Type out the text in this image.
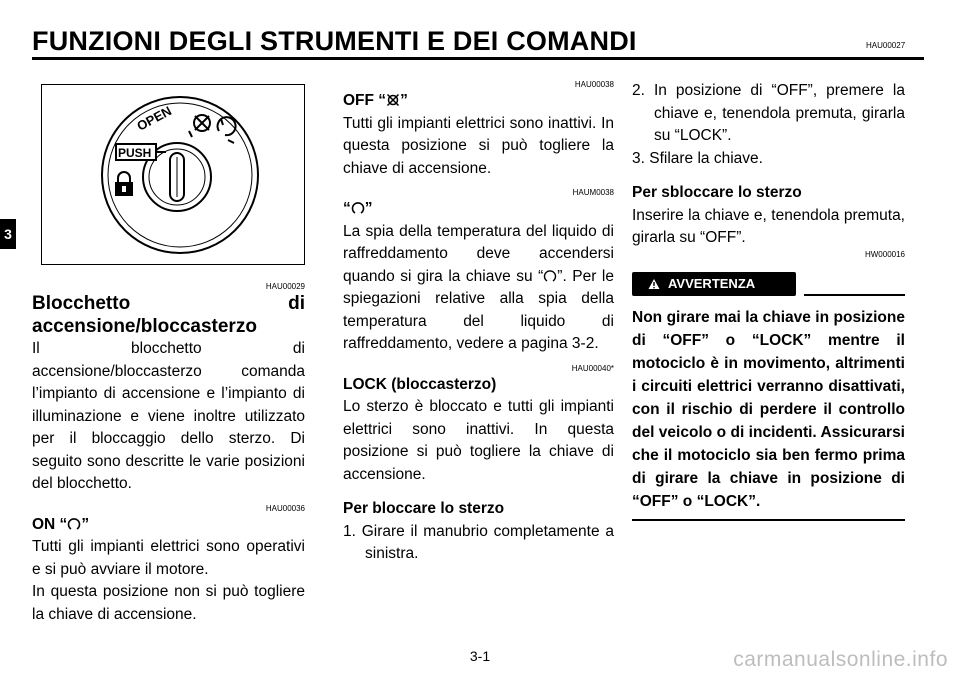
FUNZIONI DEGLI STRUMENTI E DEI COMANDI	HAU00027
3
OPEN
PUSH
HAU00029
Blocchetto di accensione/bloccasterzo

Il blocchetto di accensione/bloccasterzo comanda l’impianto di accensione e l’impianto di illuminazione e viene inoltre utilizzato per il bloccaggio dello sterzo. Di seguito sono descritte le varie posizioni del blocchetto.

HAU00036
ON “ ”

Tutti gli impianti elettrici sono operativi e si può avviare il motore.

In questa posizione non si può togliere la chiave di accensione.

HAU00038
OFF “ ”

Tutti gli impianti elettrici sono inattivi. In questa posizione si può togliere la chiave di accensione.

HAUM0038
“ ”

La spia della temperatura del liquido di raffreddamento deve accendersi quando si gira la chiave su “ ”. Per le spiegazioni relative alla spia della temperatura del liquido di raffreddamento, vedere a pagina 3-2.

HAU00040*
LOCK (bloccasterzo)

Lo sterzo è bloccato e tutti gli impianti elettrici sono inattivi. In questa posizione si può togliere la chiave di accensione.

Per bloccare lo sterzo

1. Girare il manubrio completamente a sinistra.

2. In posizione di “OFF”, premere la chiave e, tenendola premuta, girarla su “LOCK”.

3. Sfilare la chiave.

Per sbloccare lo sterzo

Inserire la chiave e, tenendola premuta, girarla su “OFF”.

HW000016
AVVERTENZA

Non girare mai la chiave in posizione di “OFF” o “LOCK” mentre il motociclo è in movimento, altrimenti i circuiti elettrici verranno disattivati, con il rischio di perdere il controllo del veicolo o di incidenti. Assicurarsi che il motociclo sia ben fermo prima di girare la chiave in posizione di “OFF” o “LOCK”.

3-1	carmanualsonline.info
